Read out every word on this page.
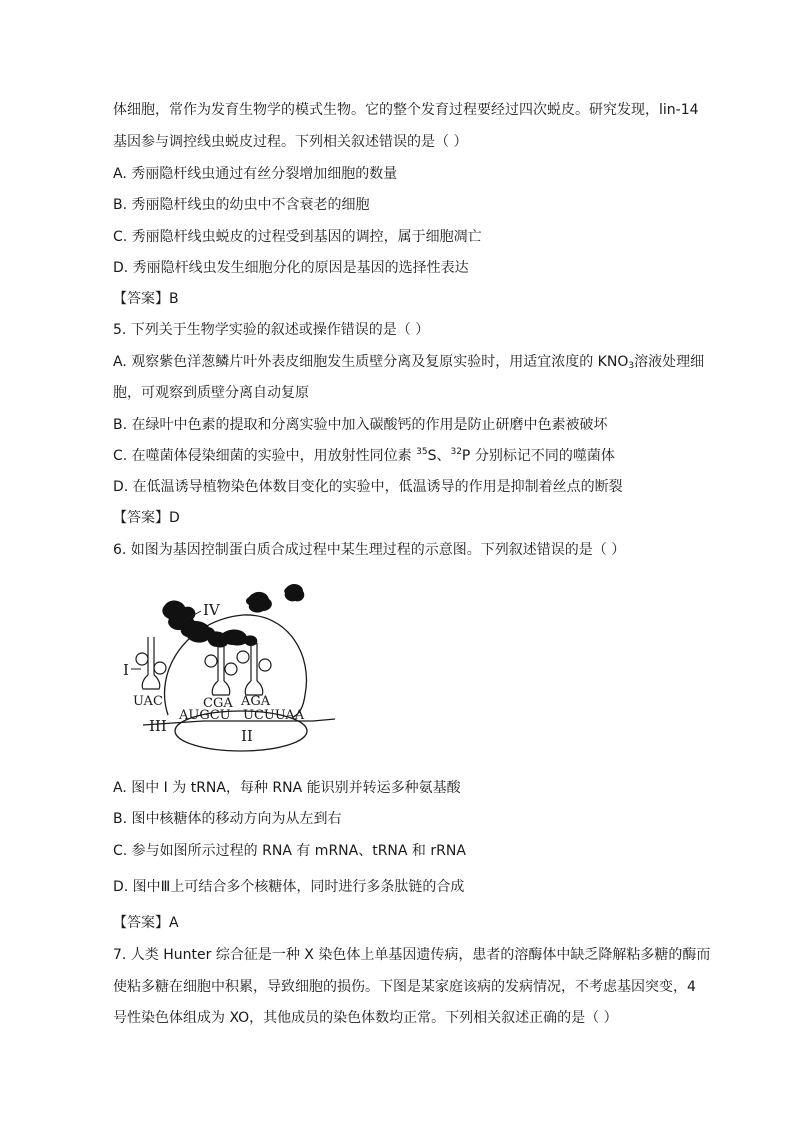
体细胞，常作为发育生物学的模式生物。它的整个发育过程要经过四次蜕皮。研究发现，lin-14
基因参与调控线虫蜕皮过程。下列相关叙述错误的是（ ）
A. 秀丽隐杆线虫通过有丝分裂增加细胞的数量
B. 秀丽隐杆线虫的幼虫中不含衰老的细胞
C. 秀丽隐杆线虫蜕皮的过程受到基因的调控，属于细胞凋亡
D. 秀丽隐杆线虫发生细胞分化的原因是基因的选择性表达
【答案】B
5. 下列关于生物学实验的叙述或操作错误的是（ ）
A. 观察紫色洋葱鳞片叶外表皮细胞发生质壁分离及复原实验时，用适宜浓度的 $KNO_3$溶液处理细
胞，可观察到质壁分离自动复原
B. 在绿叶中色素的提取和分离实验中加入碳酸钙的作用是防止研磨中色素被破坏
C. 在噬菌体侵染细菌的实验中，用放射性同位素 $^{35}$S、$^{32}$P 分别标记不同的噬菌体
D. 在低温诱导植物染色体数目变化的实验中，低温诱导的作用是抑制着丝点的断裂
【答案】D
6. 如图为基因控制蛋白质合成过程中某生理过程的示意图。下列叙述错误的是（ ）
IV
I
UAC	CGA AGA
AUGCU UCUUAA
III
II
A. 图中 I 为 tRNA，每种 RNA 能识别并转运多种氨基酸
B. 图中核糖体的移动方向为从左到右
C. 参与如图所示过程的 RNA 有 mRNA、tRNA 和 rRNA
D. 图中Ⅲ上可结合多个核糖体，同时进行多条肽链的合成
【答案】A
7. 人类 Hunter 综合征是一种 X 染色体上单基因遗传病，患者的溶酶体中缺乏降解粘多糖的酶而
使粘多糖在细胞中积累，导致细胞的损伤。下图是某家庭该病的发病情况，不考虑基因突变，4
号性染色体组成为 XO，其他成员的染色体数均正常。下列相关叙述正确的是（ ）
